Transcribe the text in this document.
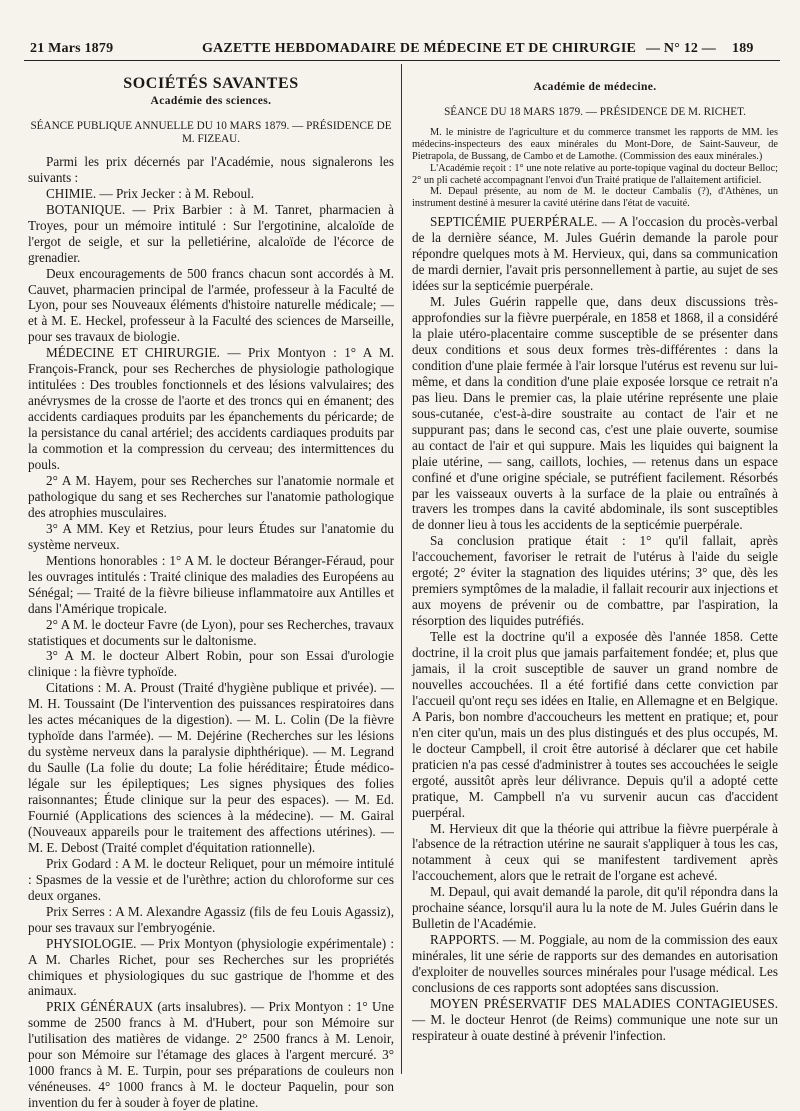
21 Mars 1879	GAZETTE HEBDOMADAIRE DE MÉDECINE ET DE CHIRURGIE — N° 12 — 189
SOCIÉTÉS SAVANTES
Académie des sciences.
SÉANCE PUBLIQUE ANNUELLE DU 10 MARS 1879. — PRÉSIDENCE DE M. FIZEAU.

Parmi les prix décernés par l'Académie, nous signalerons les suivants :

CHIMIE. — Prix Jecker : à M. Reboul.

BOTANIQUE. — Prix Barbier : à M. Tanret, pharmacien à Troyes, pour un mémoire intitulé : Sur l'ergotinine, alcaloïde de l'ergot de seigle, et sur la pelletiérine, alcaloïde de l'écorce de grenadier.

Deux encouragements de 500 francs chacun sont accordés à M. Cauvet, pharmacien principal de l'armée, professeur à la Faculté de Lyon, pour ses Nouveaux éléments d'histoire naturelle médicale; — et à M. E. Heckel, professeur à la Faculté des sciences de Marseille, pour ses travaux de biologie.

MÉDECINE ET CHIRURGIE. — Prix Montyon : 1° A M. François-Franck, pour ses Recherches de physiologie pathologique intitulées : Des troubles fonctionnels et des lésions valvulaires; des anévrysmes de la crosse de l'aorte et des troncs qui en émanent; des accidents cardiaques produits par les épanchements du péricarde; de la persistance du canal artériel; des accidents cardiaques produits par la commotion et la compression du cerveau; des intermittences du pouls.

2° A M. Hayem, pour ses Recherches sur l'anatomie normale et pathologique du sang et ses Recherches sur l'anatomie pathologique des atrophies musculaires.

3° A MM. Key et Retzius, pour leurs Études sur l'anatomie du système nerveux.

Mentions honorables : 1° A M. le docteur Béranger-Féraud, pour les ouvrages intitulés : Traité clinique des maladies des Européens au Sénégal; — Traité de la fièvre bilieuse inflammatoire aux Antilles et dans l'Amérique tropicale.

2° A M. le docteur Favre (de Lyon), pour ses Recherches, travaux statistiques et documents sur le daltonisme.

3° A M. le docteur Albert Robin, pour son Essai d'urologie clinique : la fièvre typhoïde.

Citations : M. A. Proust (Traité d'hygiène publique et privée). — M. H. Toussaint (De l'intervention des puissances respiratoires dans les actes mécaniques de la digestion). — M. L. Colin (De la fièvre typhoïde dans l'armée). — M. Dejérine (Recherches sur les lésions du système nerveux dans la paralysie diphthérique). — M. Legrand du Saulle (La folie du doute; La folie héréditaire; Étude médico-légale sur les épileptiques; Les signes physiques des folies raisonnantes; Étude clinique sur la peur des espaces). — M. Ed. Fournié (Applications des sciences à la médecine). — M. Gairal (Nouveaux appareils pour le traitement des affections utérines). — M. E. Debost (Traité complet d'équitation rationnelle).

Prix Godard : A M. le docteur Reliquet, pour un mémoire intitulé : Spasmes de la vessie et de l'urèthre; action du chloroforme sur ces deux organes.

Prix Serres : A M. Alexandre Agassiz (fils de feu Louis Agassiz), pour ses travaux sur l'embryogénie.

PHYSIOLOGIE. — Prix Montyon (physiologie expérimentale) : A M. Charles Richet, pour ses Recherches sur les propriétés chimiques et physiologiques du suc gastrique de l'homme et des animaux.

PRIX GÉNÉRAUX (arts insalubres). — Prix Montyon : 1° Une somme de 2500 francs à M. d'Hubert, pour son Mémoire sur l'utilisation des matières de vidange. 2° 2500 francs à M. Lenoir, pour son Mémoire sur l'étamage des glaces à l'argent mercuré. 3° 1000 francs à M. E. Turpin, pour ses préparations de couleurs non vénéneuses. 4° 1000 francs à M. le docteur Paquelin, pour son invention du fer à souder à foyer de platine.

Académie de médecine.
SÉANCE DU 18 MARS 1879. — PRÉSIDENCE DE M. RICHET.

M. le ministre de l'agriculture et du commerce transmet les rapports de MM. les médecins-inspecteurs des eaux minérales du Mont-Dore, de Saint-Sauveur, de Pietrapola, de Bussang, de Cambo et de Lamothe. (Commission des eaux minérales.)

L'Académie reçoit : 1° une note relative au porte-topique vaginal du docteur Belloc; 2° un pli cacheté accompagnant l'envoi d'un Traité pratique de l'allaitement artificiel.

M. Depaul présente, au nom de M. le docteur Cambalis (?), d'Athènes, un instrument destiné à mesurer la cavité utérine dans l'état de vacuité.

SEPTICÉMIE PUERPÉRALE. — A l'occasion du procès-verbal de la dernière séance, M. Jules Guérin demande la parole pour répondre quelques mots à M. Hervieux, qui, dans sa communication de mardi dernier, l'avait pris personnellement à partie, au sujet de ses idées sur la septicémie puerpérale.

M. Jules Guérin rappelle que, dans deux discussions très-approfondies sur la fièvre puerpérale, en 1858 et 1868, il a considéré la plaie utéro-placentaire comme susceptible de se présenter dans deux conditions et sous deux formes très-différentes : dans la condition d'une plaie fermée à l'air lorsque l'utérus est revenu sur lui-même, et dans la condition d'une plaie exposée lorsque ce retrait n'a pas lieu. Dans le premier cas, la plaie utérine représente une plaie sous-cutanée, c'est-à-dire soustraite au contact de l'air et ne suppurant pas; dans le second cas, c'est une plaie ouverte, soumise au contact de l'air et qui suppure. Mais les liquides qui baignent la plaie utérine, — sang, caillots, lochies, — retenus dans un espace confiné et d'une origine spéciale, se putréfient facilement. Résorbés par les vaisseaux ouverts à la surface de la plaie ou entraînés à travers les trompes dans la cavité abdominale, ils sont susceptibles de donner lieu à tous les accidents de la septicémie puerpérale.

Sa conclusion pratique était : 1° qu'il fallait, après l'accouchement, favoriser le retrait de l'utérus à l'aide du seigle ergoté; 2° éviter la stagnation des liquides utérins; 3° que, dès les premiers symptômes de la maladie, il fallait recourir aux injections et aux moyens de prévenir ou de combattre, par l'aspiration, la résorption des liquides putréfiés.

Telle est la doctrine qu'il a exposée dès l'année 1858. Cette doctrine, il la croit plus que jamais parfaitement fondée; et, plus que jamais, il la croit susceptible de sauver un grand nombre de nouvelles accouchées. Il a été fortifié dans cette conviction par l'accueil qu'ont reçu ses idées en Italie, en Allemagne et en Belgique. A Paris, bon nombre d'accoucheurs les mettent en pratique; et, pour n'en citer qu'un, mais un des plus distingués et des plus occupés, M. le docteur Campbell, il croit être autorisé à déclarer que cet habile praticien n'a pas cessé d'administrer à toutes ses accouchées le seigle ergoté, aussitôt après leur délivrance. Depuis qu'il a adopté cette pratique, M. Campbell n'a vu survenir aucun cas d'accident puerpéral.

M. Hervieux dit que la théorie qui attribue la fièvre puerpérale à l'absence de la rétraction utérine ne saurait s'appliquer à tous les cas, notamment à ceux qui se manifestent tardivement après l'accouchement, alors que le retrait de l'organe est achevé.

M. Depaul, qui avait demandé la parole, dit qu'il répondra dans la prochaine séance, lorsqu'il aura lu la note de M. Jules Guérin dans le Bulletin de l'Académie.

RAPPORTS. — M. Poggiale, au nom de la commission des eaux minérales, lit une série de rapports sur des demandes en autorisation d'exploiter de nouvelles sources minérales pour l'usage médical. Les conclusions de ces rapports sont adoptées sans discussion.

MOYEN PRÉSERVATIF DES MALADIES CONTAGIEUSES. — M. le docteur Henrot (de Reims) communique une note sur un respirateur à ouate destiné à prévenir l'infection.
